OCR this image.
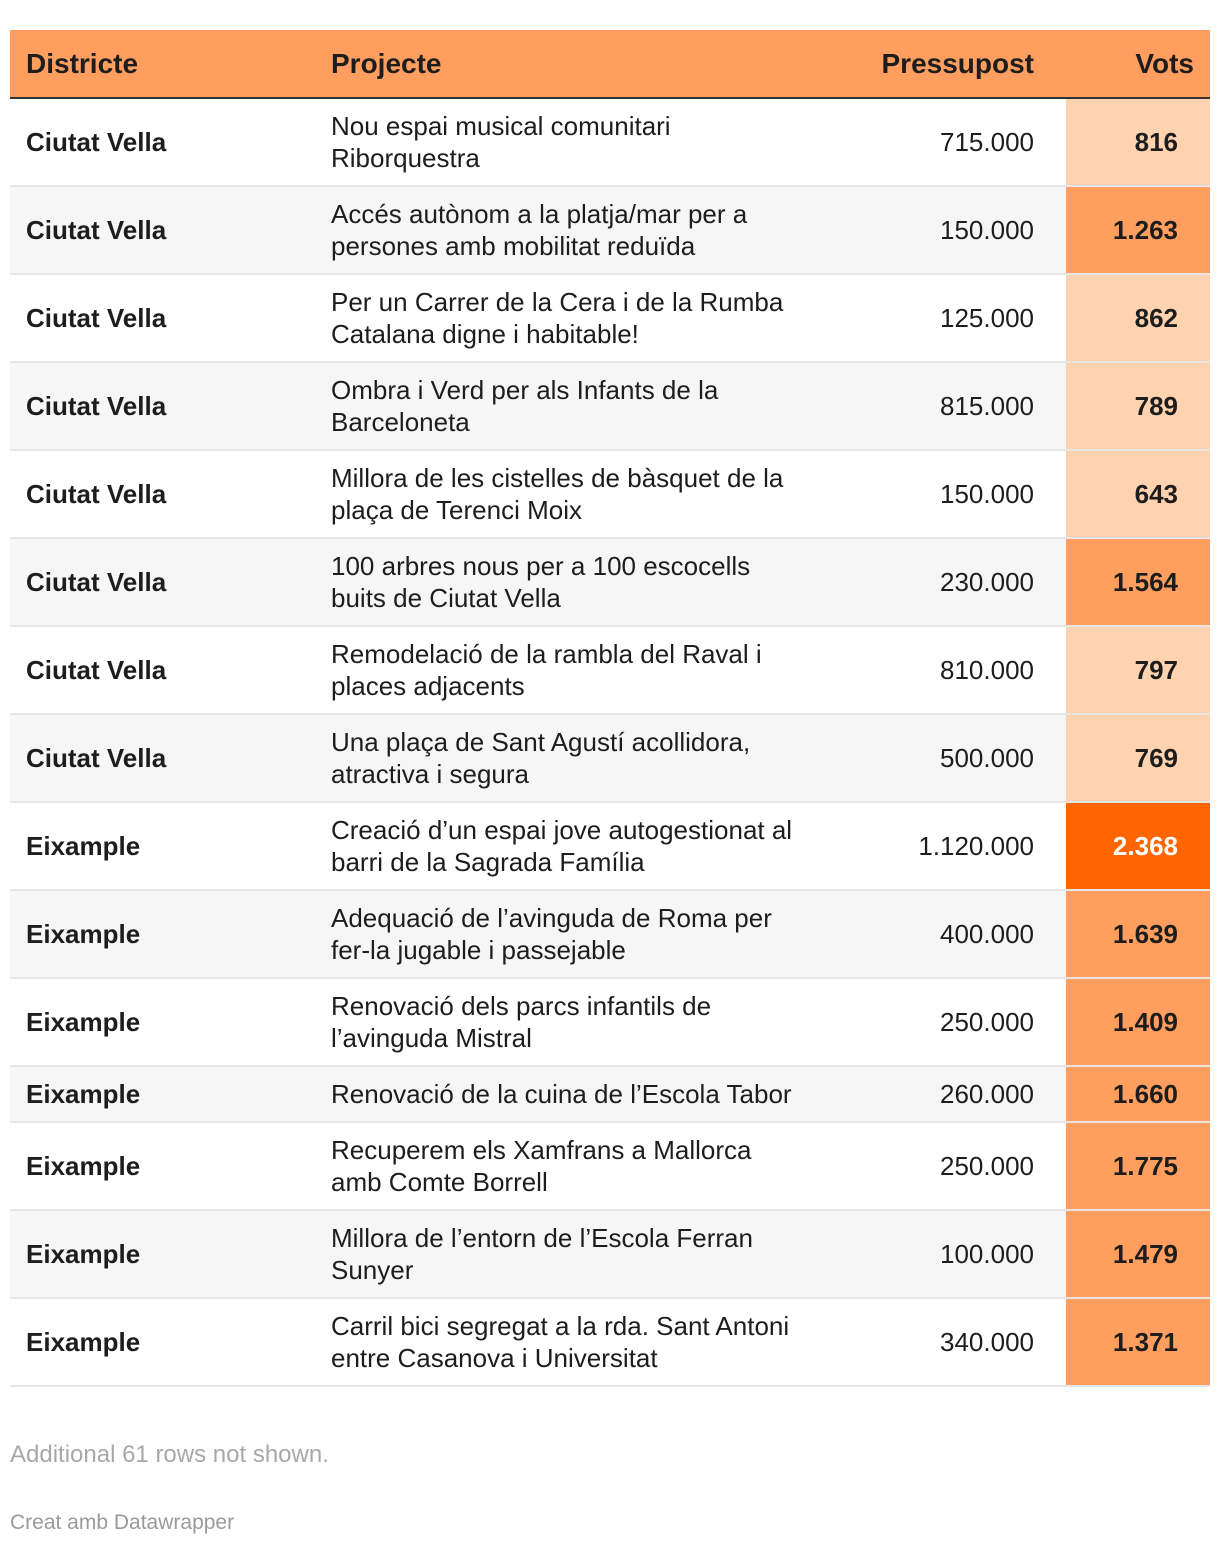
Districte	Projecte	Pressupost	Vots
Ciutat Vella	Nou espai musical comunitari Riborquestra	715.000	816
Ciutat Vella	Accés autònom a la platja/mar per a persones amb mobilitat reduïda	150.000	1.263
Ciutat Vella	Per un Carrer de la Cera i de la Rumba Catalana digne i habitable!	125.000	862
Ciutat Vella	Ombra i Verd per als Infants de la Barceloneta	815.000	789
Ciutat Vella	Millora de les cistelles de bàsquet de la plaça de Terenci Moix	150.000	643
Ciutat Vella	100 arbres nous per a 100 escocells buits de Ciutat Vella	230.000	1.564
Ciutat Vella	Remodelació de la rambla del Raval i places adjacents	810.000	797
Ciutat Vella	Una plaça de Sant Agustí acollidora, atractiva i segura	500.000	769
Eixample	Creació d’un espai jove autogestionat al barri de la Sagrada Família	1.120.000	2.368
Eixample	Adequació de l’avinguda de Roma per fer-la jugable i passejable	400.000	1.639
Eixample	Renovació dels parcs infantils de l’avinguda Mistral	250.000	1.409
Eixample	Renovació de la cuina de l’Escola Tabor	260.000	1.660
Eixample	Recuperem els Xamfrans a Mallorca amb Comte Borrell	250.000	1.775
Eixample	Millora de l’entorn de l’Escola Ferran Sunyer	100.000	1.479
Eixample	Carril bici segregat a la rda. Sant Antoni entre Casanova i Universitat	340.000	1.371
Additional 61 rows not shown.
Creat amb Datawrapper
